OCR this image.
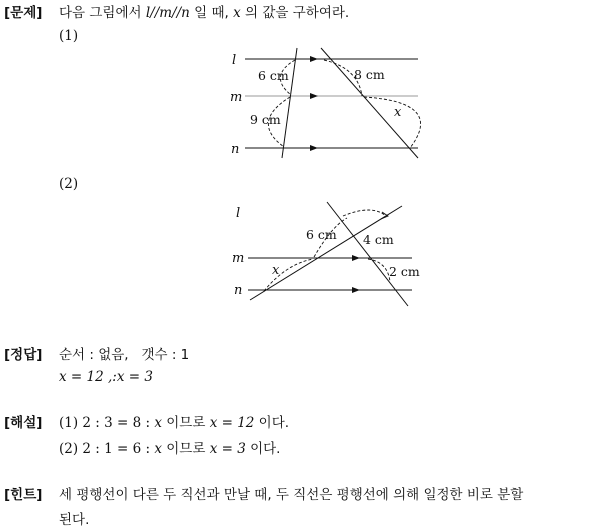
[문제] 다음 그림에서 l//m//n 일 때, x 의 값을 구하여라.
(1)
l
m
n
6 cm
9 cm
8 cm
x
l
m
n
6 cm 4 cm
2 cm
x
(2)
[정답] 순서 : 없음, 갯수 : 1
x = 12 ,:x = 3
[해설] (1) 2 : 3 = 8 : x 이므로 x = 12 이다.
(2) 2 : 1 = 6 : x 이므로 x = 3 이다.
[힌트] 세 평행선이 다른 두 직선과 만날 때, 두 직선은 평행선에 의해 일정한 비로 분할
된다.
